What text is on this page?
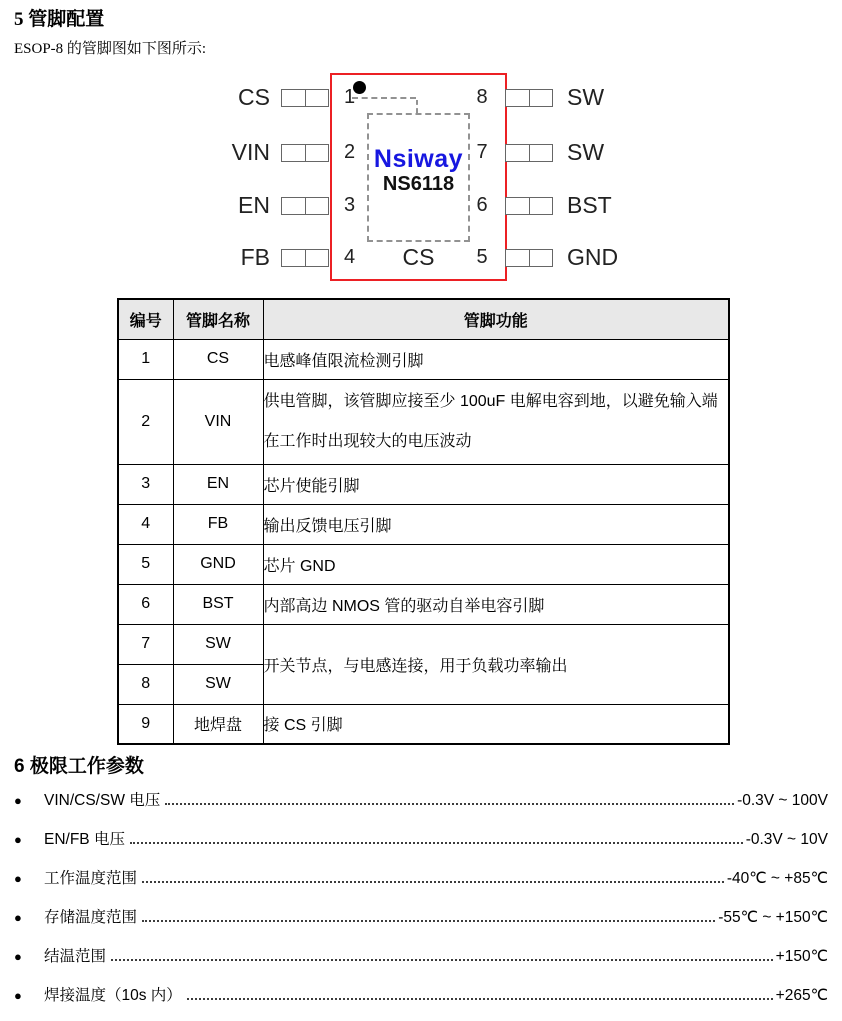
5 管脚配置
ESOP-8 的管脚图如下图所示:
Nsiway
NS6118
CS
CS
VIN
EN
FB
SW
SW
BST
GND
1
2
3
4
8
7
6
5
编号	管脚名称	管脚功能
1	CS	电感峰值限流检测引脚
2	VIN	供电管脚，该管脚应接至少 100uF 电解电容到地，以避免输入端在工作时出现较大的电压波动
3	EN	芯片使能引脚
4	FB	输出反馈电压引脚
5	GND	芯片 GND
6	BST	内部高边 NMOS 管的驱动自举电容引脚
7	SW	开关节点，与电感连接，用于负载功率输出
8	SW	
9	地焊盘	接 CS 引脚
6 极限工作参数
●	VIN/CS/SW 电压	-0.3V ~ 100V
●	EN/FB 电压	-0.3V ~ 10V
●	工作温度范围	-40℃ ~ +85℃
●	存储温度范围	-55℃ ~ +150℃
●	结温范围	+150℃
●	焊接温度（10s 内）	+265℃
